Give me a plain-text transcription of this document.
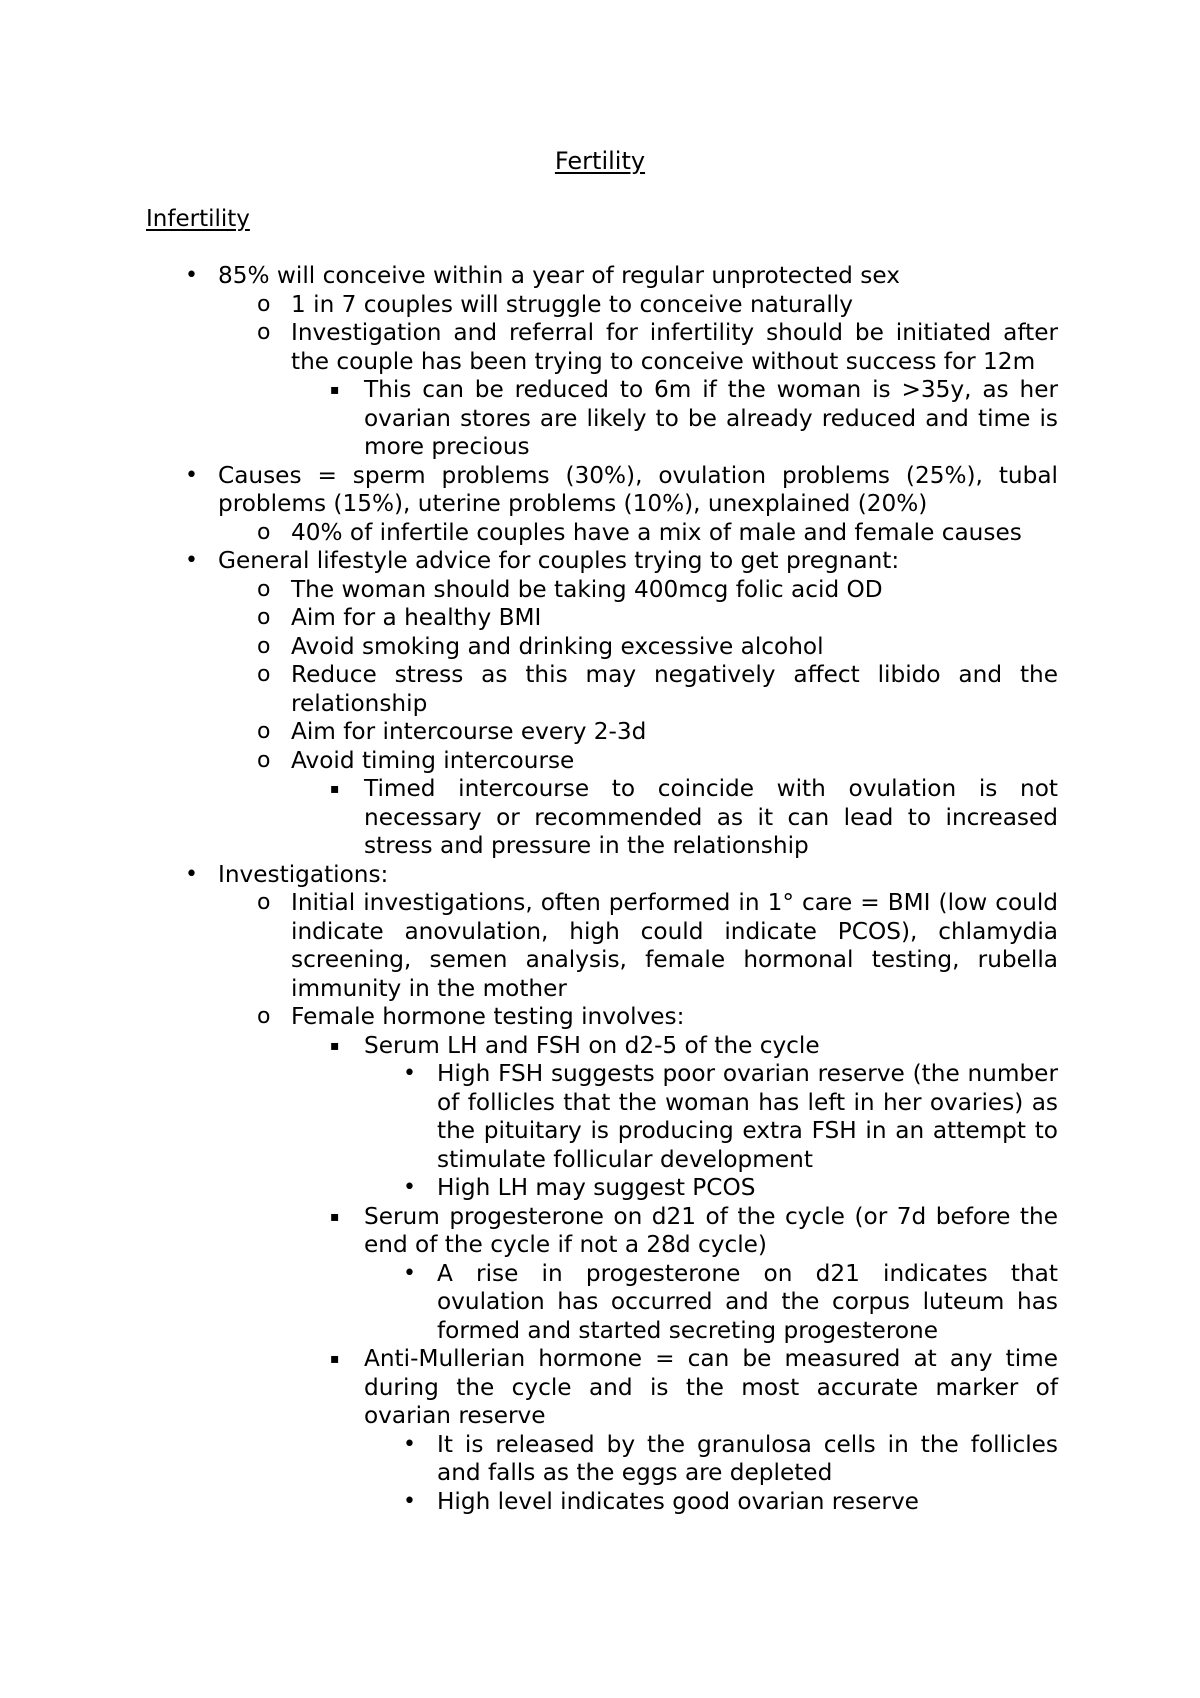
Fertility
Infertility
• 85% will conceive within a year of regular unprotected sex
o 1 in 7 couples will struggle to conceive naturally
o Investigation and referral for infertility should be initiated after the couple has been trying to conceive without success for 12m
▪ This can be reduced to 6m if the woman is >35y, as her ovarian stores are likely to be already reduced and time is more precious
• Causes = sperm problems (30%), ovulation problems (25%), tubal problems (15%), uterine problems (10%), unexplained (20%)
o 40% of infertile couples have a mix of male and female causes
• General lifestyle advice for couples trying to get pregnant:
o The woman should be taking 400mcg folic acid OD
o Aim for a healthy BMI
o Avoid smoking and drinking excessive alcohol
o Reduce stress as this may negatively affect libido and the relationship
o Aim for intercourse every 2-3d
o Avoid timing intercourse
▪ Timed intercourse to coincide with ovulation is not necessary or recommended as it can lead to increased stress and pressure in the relationship
• Investigations:
o Initial investigations, often performed in 1° care = BMI (low could indicate anovulation, high could indicate PCOS), chlamydia screening, semen analysis, female hormonal testing, rubella immunity in the mother
o Female hormone testing involves:
▪ Serum LH and FSH on d2-5 of the cycle
• High FSH suggests poor ovarian reserve (the number of follicles that the woman has left in her ovaries) as the pituitary is producing extra FSH in an attempt to stimulate follicular development
• High LH may suggest PCOS
▪ Serum progesterone on d21 of the cycle (or 7d before the end of the cycle if not a 28d cycle)
• A rise in progesterone on d21 indicates that ovulation has occurred and the corpus luteum has formed and started secreting progesterone
▪ Anti-Mullerian hormone = can be measured at any time during the cycle and is the most accurate marker of ovarian reserve
• It is released by the granulosa cells in the follicles and falls as the eggs are depleted
• High level indicates good ovarian reserve
